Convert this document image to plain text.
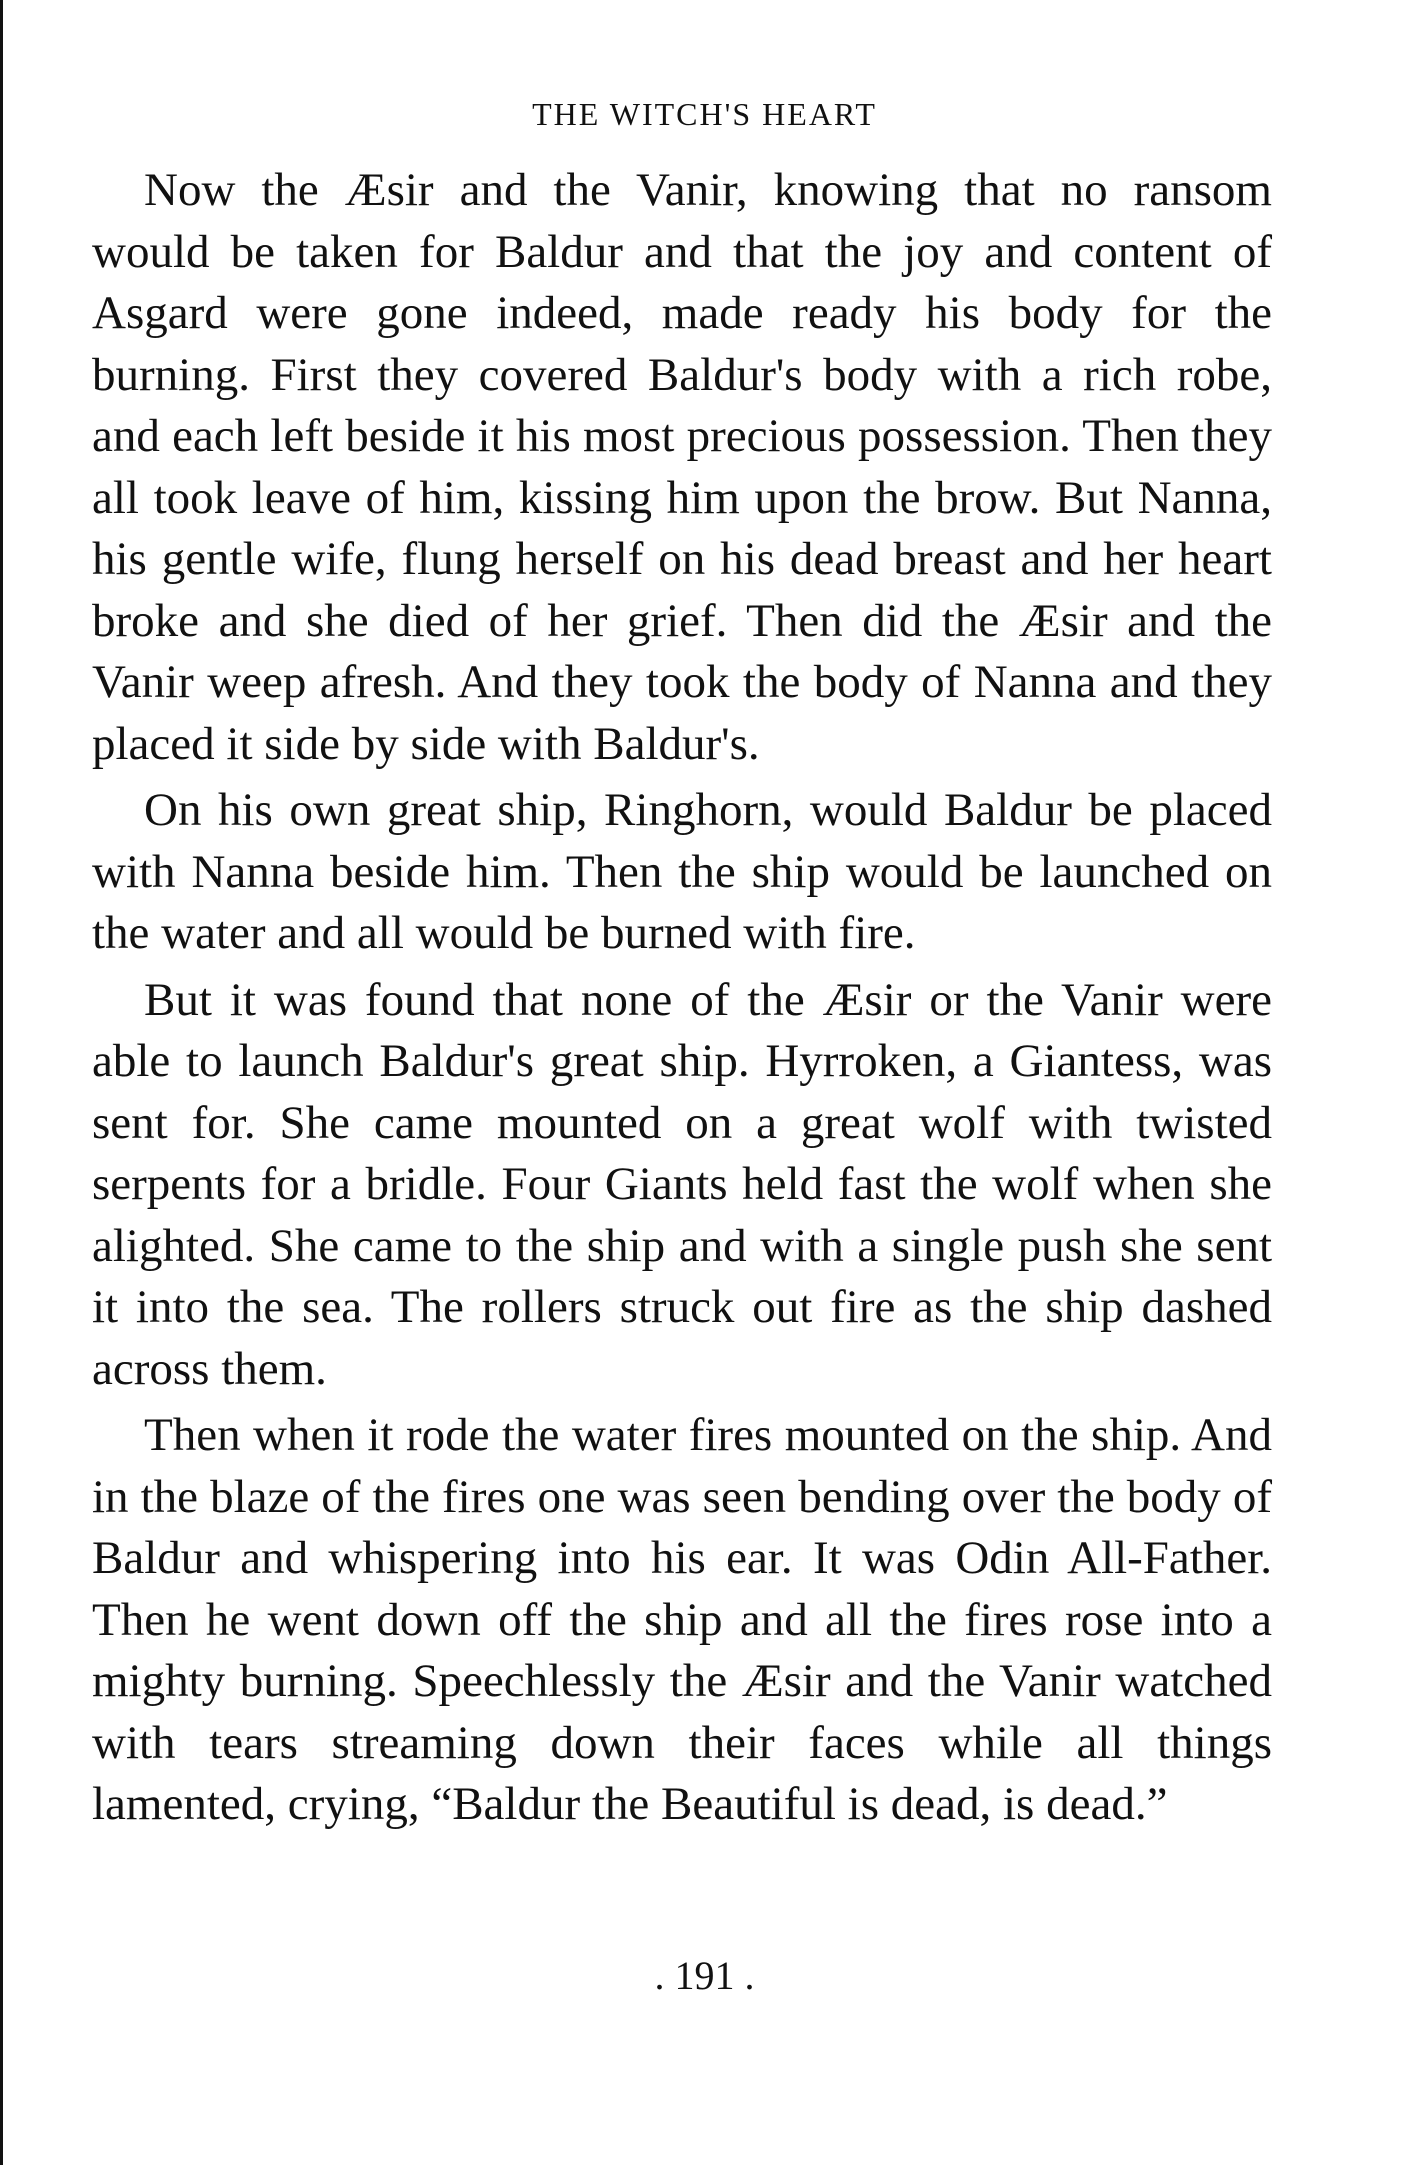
THE WITCH'S HEART

Now the Æsir and the Vanir, knowing that no ransom would be taken for Baldur and that the joy and content of Asgard were gone indeed, made ready his body for the burning. First they covered Baldur's body with a rich robe, and each left beside it his most precious possession. Then they all took leave of him, kissing him upon the brow. But Nanna, his gentle wife, flung herself on his dead breast and her heart broke and she died of her grief. Then did the Æsir and the Vanir weep afresh. And they took the body of Nanna and they placed it side by side with Baldur's.

On his own great ship, Ringhorn, would Baldur be placed with Nanna beside him. Then the ship would be launched on the water and all would be burned with fire.

But it was found that none of the Æsir or the Vanir were able to launch Baldur's great ship. Hyrroken, a Giantess, was sent for. She came mounted on a great wolf with twisted serpents for a bridle. Four Giants held fast the wolf when she alighted. She came to the ship and with a single push she sent it into the sea. The rollers struck out fire as the ship dashed across them.

Then when it rode the water fires mounted on the ship. And in the blaze of the fires one was seen bending over the body of Baldur and whispering into his ear. It was Odin All-Father. Then he went down off the ship and all the fires rose into a mighty burning. Speechlessly the Æsir and the Vanir watched with tears streaming down their faces while all things lamented, crying, “Baldur the Beautiful is dead, is dead.”

. 191 .
